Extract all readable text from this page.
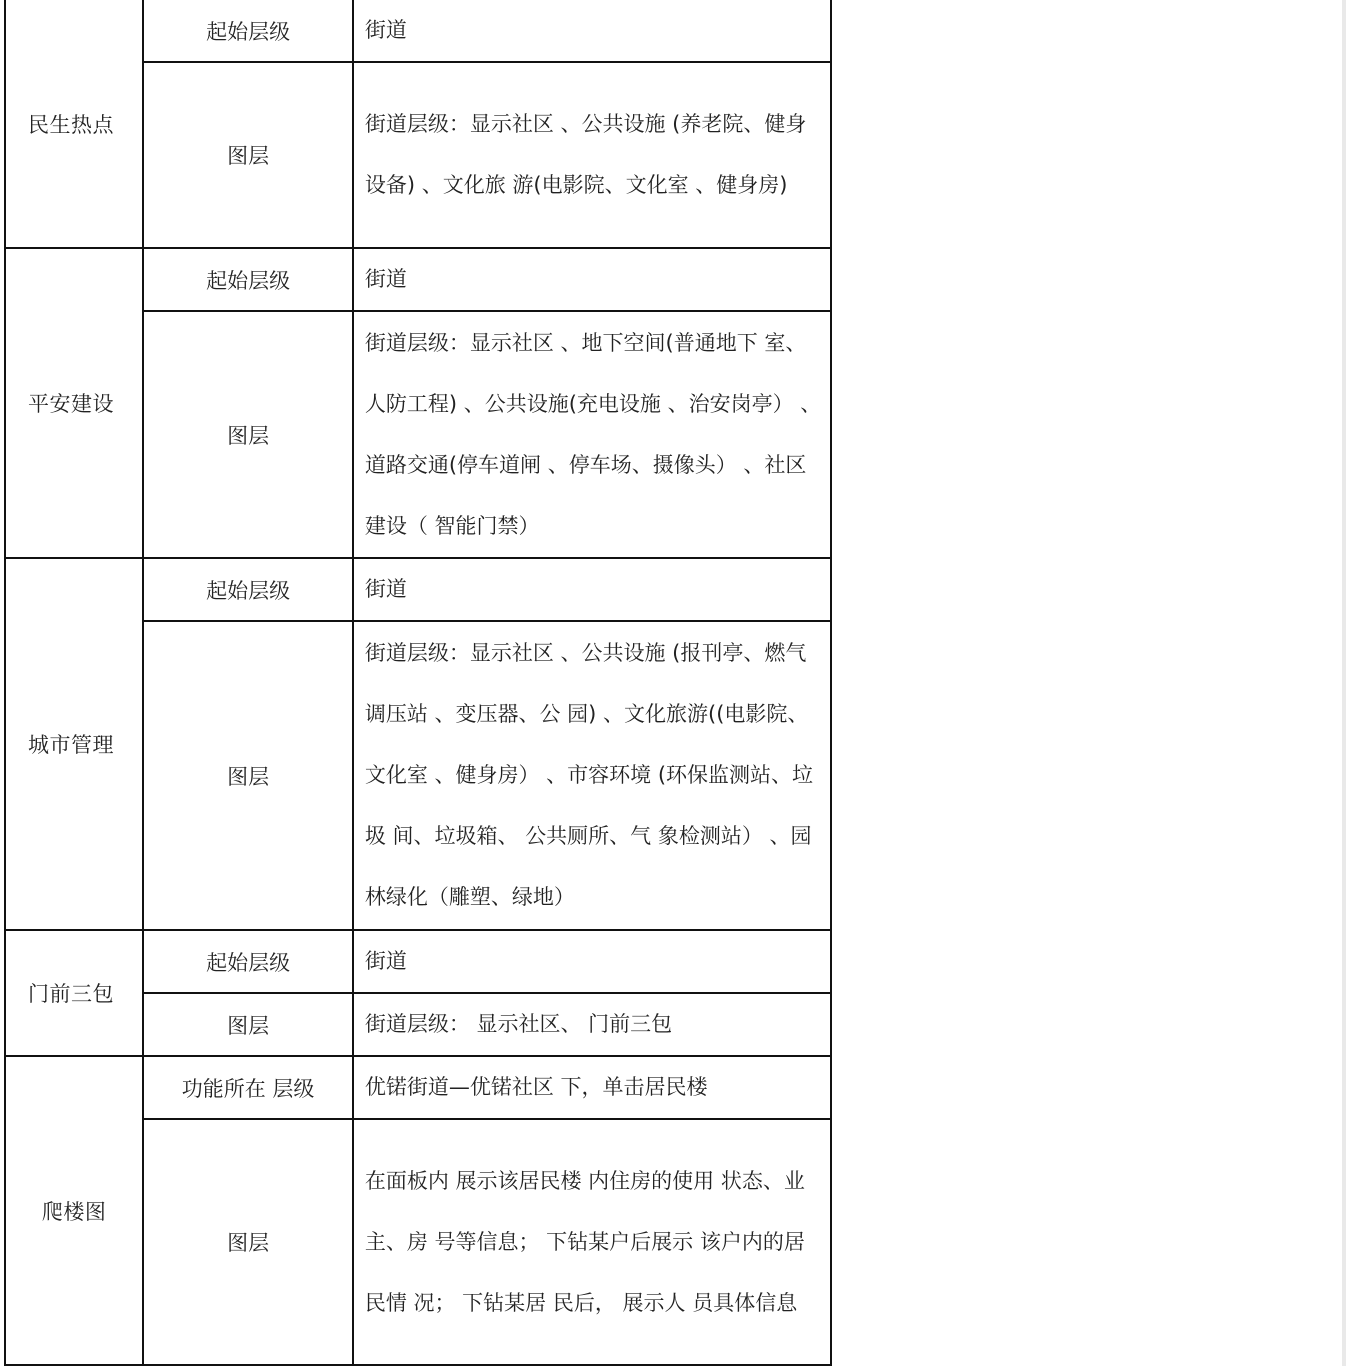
民生热点	起始层级	街道
	图层	街道层级：显示社区 、公共设施 (养老院、健身设备) 、文化旅 游(电影院、文化室 、健身房)
平安建设	起始层级	街道
	图层	街道层级：显示社区 、地下空间(普通地下 室、人防工程) 、公共设施(充电设施 、治安岗亭） 、道路交通(停车道闸 、停车场、摄像头） 、社区建设（ 智能门禁）
城市管理	起始层级	街道
	图层	街道层级：显示社区 、公共设施 (报刊亭、燃气调压站 、变压器、公 园) 、文化旅游((电影院、文化室 、健身房） 、市容环境 (环保监测站、垃圾 间、垃圾箱、 公共厕所、气 象检测站） 、园林绿化（雕塑、绿地）
门前三包	起始层级	街道
	图层	街道层级： 显示社区、 门前三包
爬楼图	功能所在 层级	优锘街道—优锘社区 下，单击居民楼
	图层	在面板内 展示该居民楼 内住房的使用 状态、业主、房 号等信息； 下钻某户后展示 该户内的居民情 况； 下钻某居 民后， 展示人 员具体信息
